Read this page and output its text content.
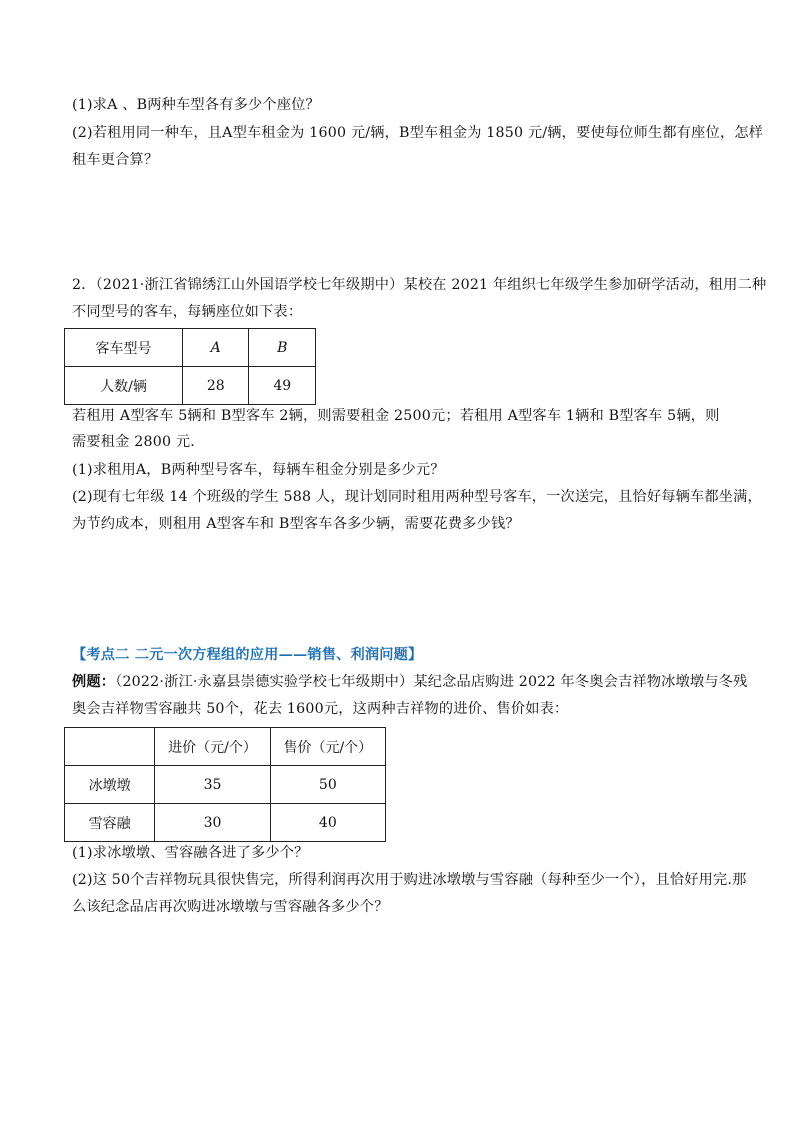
(1)求A 、B两种车型各有多少个座位？
(2)若租用同一种车，且A型车租金为 1600 元/辆，B型车租金为 1850 元/辆，要使每位师生都有座位，怎样
租车更合算？
2．（2021·浙江省锦绣江山外国语学校七年级期中）某校在 2021 年组织七年级学生参加研学活动，租用二种
不同型号的客车，每辆座位如下表：
客车型号	A	B
人数/辆	28	49
若租用 A型客车 5辆和 B型客车 2辆，则需要租金 2500元；若租用 A型客车 1辆和 B型客车 5辆，则
需要租金 2800 元.
(1)求租用A，B两种型号客车，每辆车租金分别是多少元？
(2)现有七年级 14 个班级的学生 588 人，现计划同时租用两种型号客车，一次送完，且恰好每辆车都坐满，
为节约成本，则租用 A型客车和 B型客车各多少辆，需要花费多少钱？
【考点二 二元一次方程组的应用——销售、利润问题】
例题：（2022·浙江·永嘉县崇德实验学校七年级期中）某纪念品店购进 2022 年冬奥会吉祥物冰墩墩与冬残
奥会吉祥物雪容融共 50个，花去 1600元，这两种吉祥物的进价、售价如表：
	进价（元/个）	售价（元/个）
冰墩墩	35	50
雪容融	30	40
(1)求冰墩墩、雪容融各进了多少个？
(2)这 50个吉祥物玩具很快售完，所得利润再次用于购进冰墩墩与雪容融（每种至少一个），且恰好用完.那
么该纪念品店再次购进冰墩墩与雪容融各多少个？
